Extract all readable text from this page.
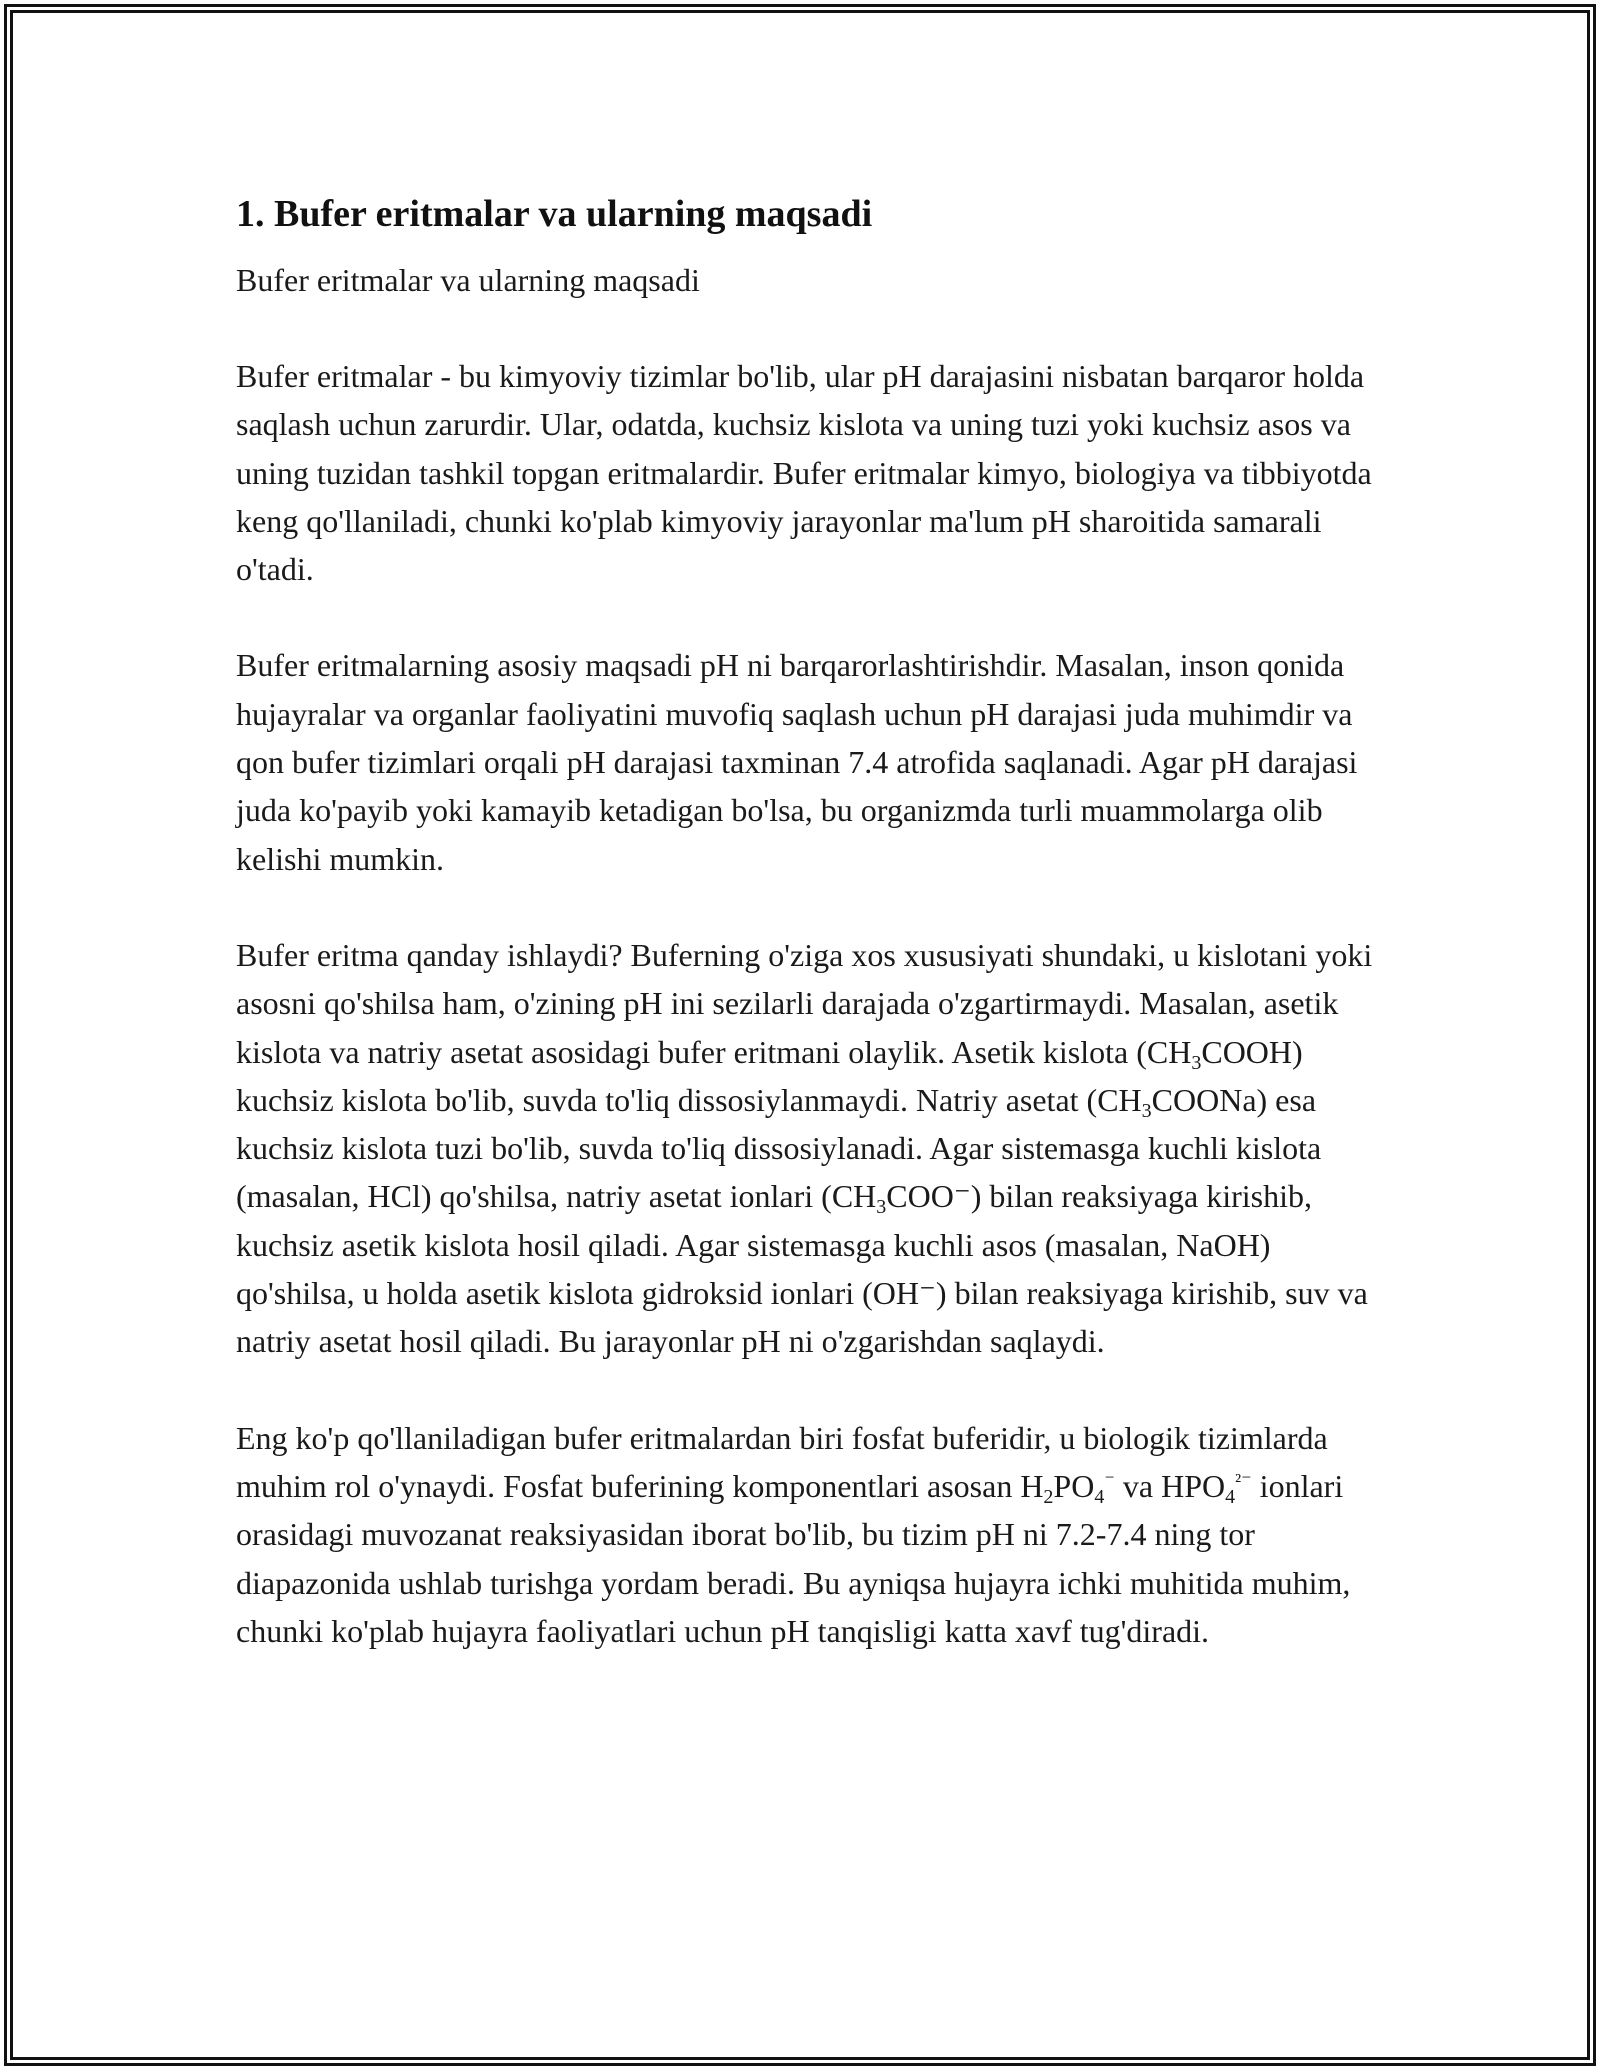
1. Bufer eritmalar va ularning maqsadi
Bufer eritmalar va ularning maqsadi

Bufer eritmalar - bu kimyoviy tizimlar bo'lib, ular pH darajasini nisbatan barqaror holda saqlash uchun zarurdir. Ular, odatda, kuchsiz kislota va uning tuzi yoki kuchsiz asos va uning tuzidan tashkil topgan eritmalardir. Bufer eritmalar kimyo, biologiya va tibbiyotda keng qo'llaniladi, chunki ko'plab kimyoviy jarayonlar ma'lum pH sharoitida samarali o'tadi.

Bufer eritmalarning asosiy maqsadi pH ni barqarorlashtirishdir. Masalan, inson qonida hujayralar va organlar faoliyatini muvofiq saqlash uchun pH darajasi juda muhimdir va qon bufer tizimlari orqali pH darajasi taxminan 7.4 atrofida saqlanadi. Agar pH darajasi juda ko'payib yoki kamayib ketadigan bo'lsa, bu organizmda turli muammolarga olib kelishi mumkin.

Bufer eritma qanday ishlaydi? Buferning o'ziga xos xususiyati shundaki, u kislotani yoki asosni qo'shilsa ham, o'zining pH ini sezilarli darajada o'zgartirmaydi. Masalan, asetik kislota va natriy asetat asosidagi bufer eritmani olaylik. Asetik kislota $(CH_3COOH)$ kuchsiz kislota bo'lib, suvda to'liq dissosiylanmaydi. Natriy asetat $(CH_3COONa)$ esa kuchsiz kislota tuzi bo'lib, suvda to'liq dissosiylanadi. Agar sistemasga kuchli kislota (masalan, HCl) qo'shilsa, natriy asetat ionlari $(CH_3COO^-)$ bilan reaksiyaga kirishib, kuchsiz asetik kislota hosil qiladi. Agar sistemasga kuchli asos (masalan, NaOH) qo'shilsa, u holda asetik kislota gidroksid ionlari (OH⁻) bilan reaksiyaga kirishib, suv va natriy asetat hosil qiladi. Bu jarayonlar pH ni o'zgarishdan saqlaydi.

Eng ko'p qo'llaniladigan bufer eritmalardan biri fosfat buferidir, u biologik tizimlarda muhim rol o'ynaydi. Fosfat buferining komponentlari asosan $H_2PO_4^{^-}$ va $HPO_4^{^{2-}}$ ionlari orasidagi muvozanat reaksiyasidan iborat bo'lib, bu tizim pH ni 7.2-7.4 ning tor diapazonida ushlab turishga yordam beradi. Bu ayniqsa hujayra ichki muhitida muhim, chunki ko'plab hujayra faoliyatlari uchun pH tanqisligi katta xavf tug'diradi.
